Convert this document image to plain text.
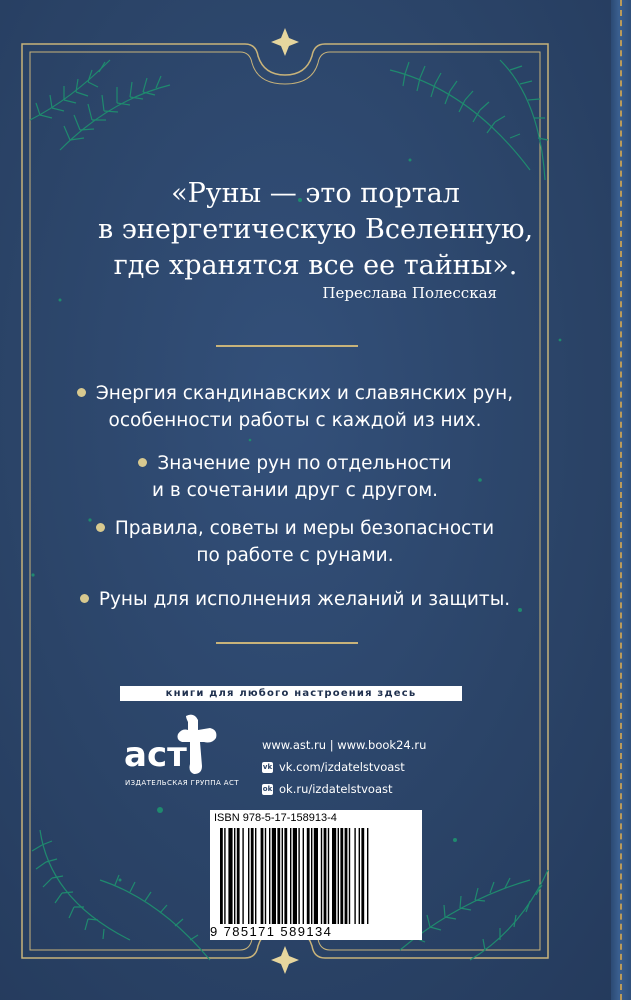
«Руны — это портал
в энергетическую Вселенную,
где хранятся все ее тайны».
Переслава Полесская
Энергия скандинавских и славянских рун,
особенности работы с каждой из них.
Значение рун по отдельности
и в сочетании друг с другом.
Правила, советы и меры безопасности
по работе с рунами.
Руны для исполнения желаний и защиты.
книги для любого настроения здесь
аст
ИЗДАТЕЛЬСКАЯ ГРУППА АСТ
www.ast.ru | www.book24.ru
vk vk.com/izdatelstvoast
ok ok.ru/izdatelstvoast
ISBN 978-5-17-158913-4
9 785171 589134
